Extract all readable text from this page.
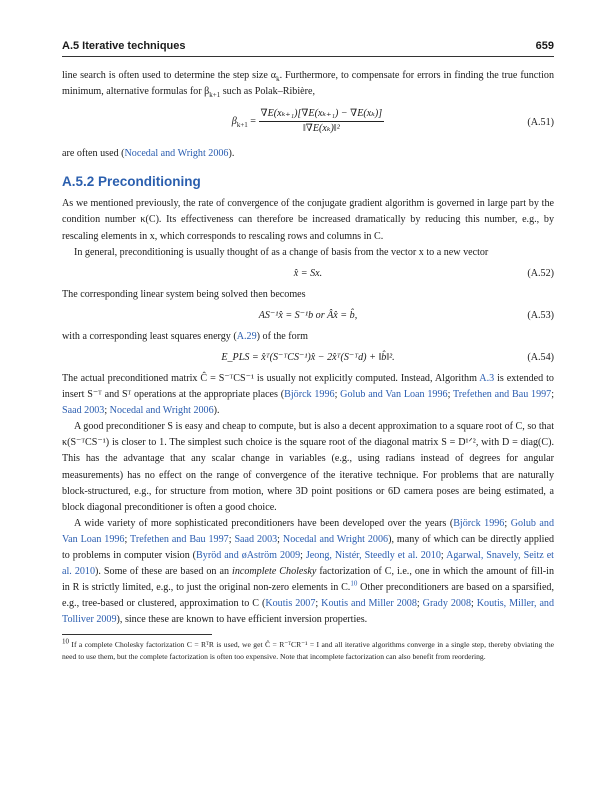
A.5 Iterative techniques	659

line search is often used to determine the step size $\alpha_k$. Furthermore, to compensate for errors in finding the true function minimum, alternative formulas for $\beta_{k+1}$ such as Polak–Ribière,

$\beta_{k+1} = \frac{\text{∇E(xₖ₊₁)[∇E(xₖ₊₁) − ∇E(xₖ)]}}{\text{‖∇E(xₖ)‖²}}$	(A.51)

are often used (Nocedal and Wright 2006).

A.5.2 Preconditioning

As we mentioned previously, the rate of convergence of the conjugate gradient algorithm is governed in large part by the condition number κ(C). Its effectiveness can therefore be increased dramatically by reducing this number, e.g., by rescaling elements in x, which corresponds to rescaling rows and columns in C.

In general, preconditioning is usually thought of as a change of basis from the vector x to a new vector

x̂ = Sx.	(A.52)

The corresponding linear system being solved then becomes

AS⁻¹x̂ = S⁻¹b or Âx̂ = b̂,	(A.53)

with a corresponding least squares energy (A.29) of the form

E_PLS = x̂ᵀ(S⁻ᵀCS⁻¹)x̂ − 2x̂ᵀ(S⁻ᵀd) + ‖b̂‖².	(A.54)

The actual preconditioned matrix Ĉ = S⁻ᵀCS⁻¹ is usually not explicitly computed. Instead, Algorithm A.3 is extended to insert S⁻ᵀ and Sᵀ operations at the appropriate places (Björck 1996; Golub and Van Loan 1996; Trefethen and Bau 1997; Saad 2003; Nocedal and Wright 2006).

A good preconditioner S is easy and cheap to compute, but is also a decent approximation to a square root of C, so that κ(S⁻ᵀCS⁻¹) is closer to 1. The simplest such choice is the square root of the diagonal matrix S = D¹ᐟ², with D = diag(C). This has the advantage that any scalar change in variables (e.g., using radians instead of degrees for angular measurements) has no effect on the range of convergence of the iterative technique. For problems that are naturally block-structured, e.g., for structure from motion, where 3D point positions or 6D camera poses are being estimated, a block diagonal preconditioner is often a good choice.

A wide variety of more sophisticated preconditioners have been developed over the years (Björck 1996; Golub and Van Loan 1996; Trefethen and Bau 1997; Saad 2003; Nocedal and Wright 2006), many of which can be directly applied to problems in computer vision (Byröd and øAström 2009; Jeong, Nistér, Steedly et al. 2010; Agarwal, Snavely, Seitz et al. 2010). Some of these are based on an incomplete Cholesky factorization of C, i.e., one in which the amount of fill-in in R is strictly limited, e.g., to just the original non-zero elements in C.$^{10}$ Other preconditioners are based on a sparsified, e.g., tree-based or clustered, approximation to C (Koutis 2007; Koutis and Miller 2008; Grady 2008; Koutis, Miller, and Tolliver 2009), since these are known to have efficient inversion properties.

$^{10}$ If a complete Cholesky factorization C = RᵀR is used, we get Ĉ = R⁻ᵀCR⁻¹ = I and all iterative algorithms converge in a single step, thereby obviating the need to use them, but the complete factorization is often too expensive. Note that incomplete factorization can also benefit from reordering.
